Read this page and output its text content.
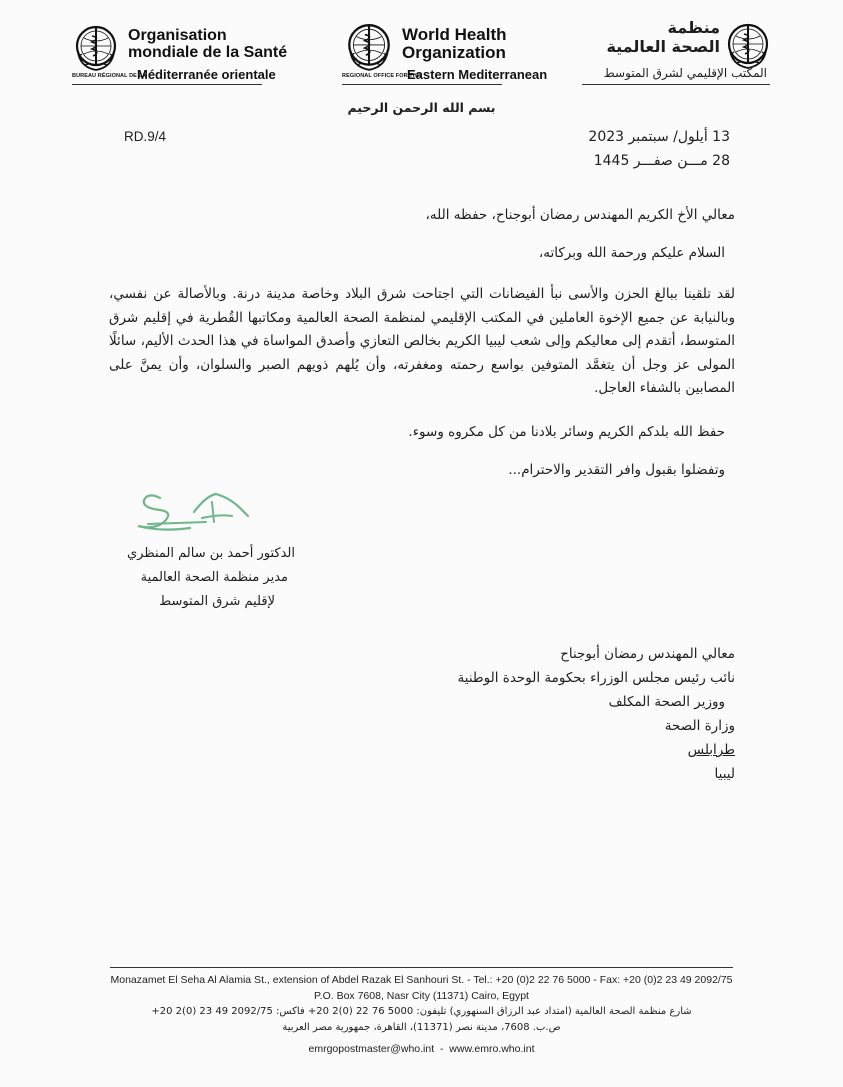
Organisation
mondiale de la Santé
BUREAU RÉGIONAL DE LA
Méditerranée orientale
World Health
Organization
REGIONAL OFFICE FOR THE
Eastern Mediterranean
منظمة
الصحة العالمية
المكتب الإقليمي لشرق المتوسط
بسم الله الرحمن الرحيم
RD.9/4	13 أيلول/ سبتمبر 2023
28 مـــن صفـــر 1445
معالي الأخ الكريم المهندس رمضان أبوجناح، حفظه الله،
السلام عليكم ورحمة الله وبركاته،
لقد تلقينا ببالغ الحزن والأسى نبأ الفيضانات التي اجتاحت شرق البلاد وخاصة مدينة درنة. وبالأصالة عن نفسي، وبالنيابة عن جميع الإخوة العاملين في المكتب الإقليمي لمنظمة الصحة العالمية ومكاتبها القُطرية في إقليم شرق المتوسط، أتقدم إلى معاليكم وإلى شعب ليبيا الكريم بخالص التعازي وأصدق المواساة في هذا الحدث الأليم، سائلًا المولى عز وجل أن يتغمَّد المتوفين بواسع رحمته ومغفرته، وأن يُلهم ذويهم الصبر والسلوان، وأن يمنَّ على المصابين بالشفاء العاجل.
حفظ الله بلدكم الكريم وسائر بلادنا من كل مكروه وسوء.
وتفضلوا بقبول وافر التقدير والاحترام...
الدكتور أحمد بن سالم المنظري
مدير منظمة الصحة العالمية
لإقليم شرق المتوسط
معالي المهندس رمضان أبوجناح
نائب رئيس مجلس الوزراء بحكومة الوحدة الوطنية
ووزير الصحة المكلف
وزارة الصحة
طرابلس
ليبيا
Monazamet El Seha Al Alamia St., extension of Abdel Razak El Sanhouri St. - Tel.: +20 (0)2 22 76 5000 - Fax: +20 (0)2 23 49 2092/75
P.O. Box 7608, Nasr City (11371) Cairo, Egypt
شارع منظمة الصحة العالمية (امتداد عبد الرزاق السنهوري) تليفون: 5000 76 22 (0)2 20+ فاكس: 2092/75 49 23 (0)2 20+
ص.ب. 7608، مدينة نصر (11371)، القاهرة، جمهورية مصر العربية
emrgopostmaster@who.int  -  www.emro.who.int
